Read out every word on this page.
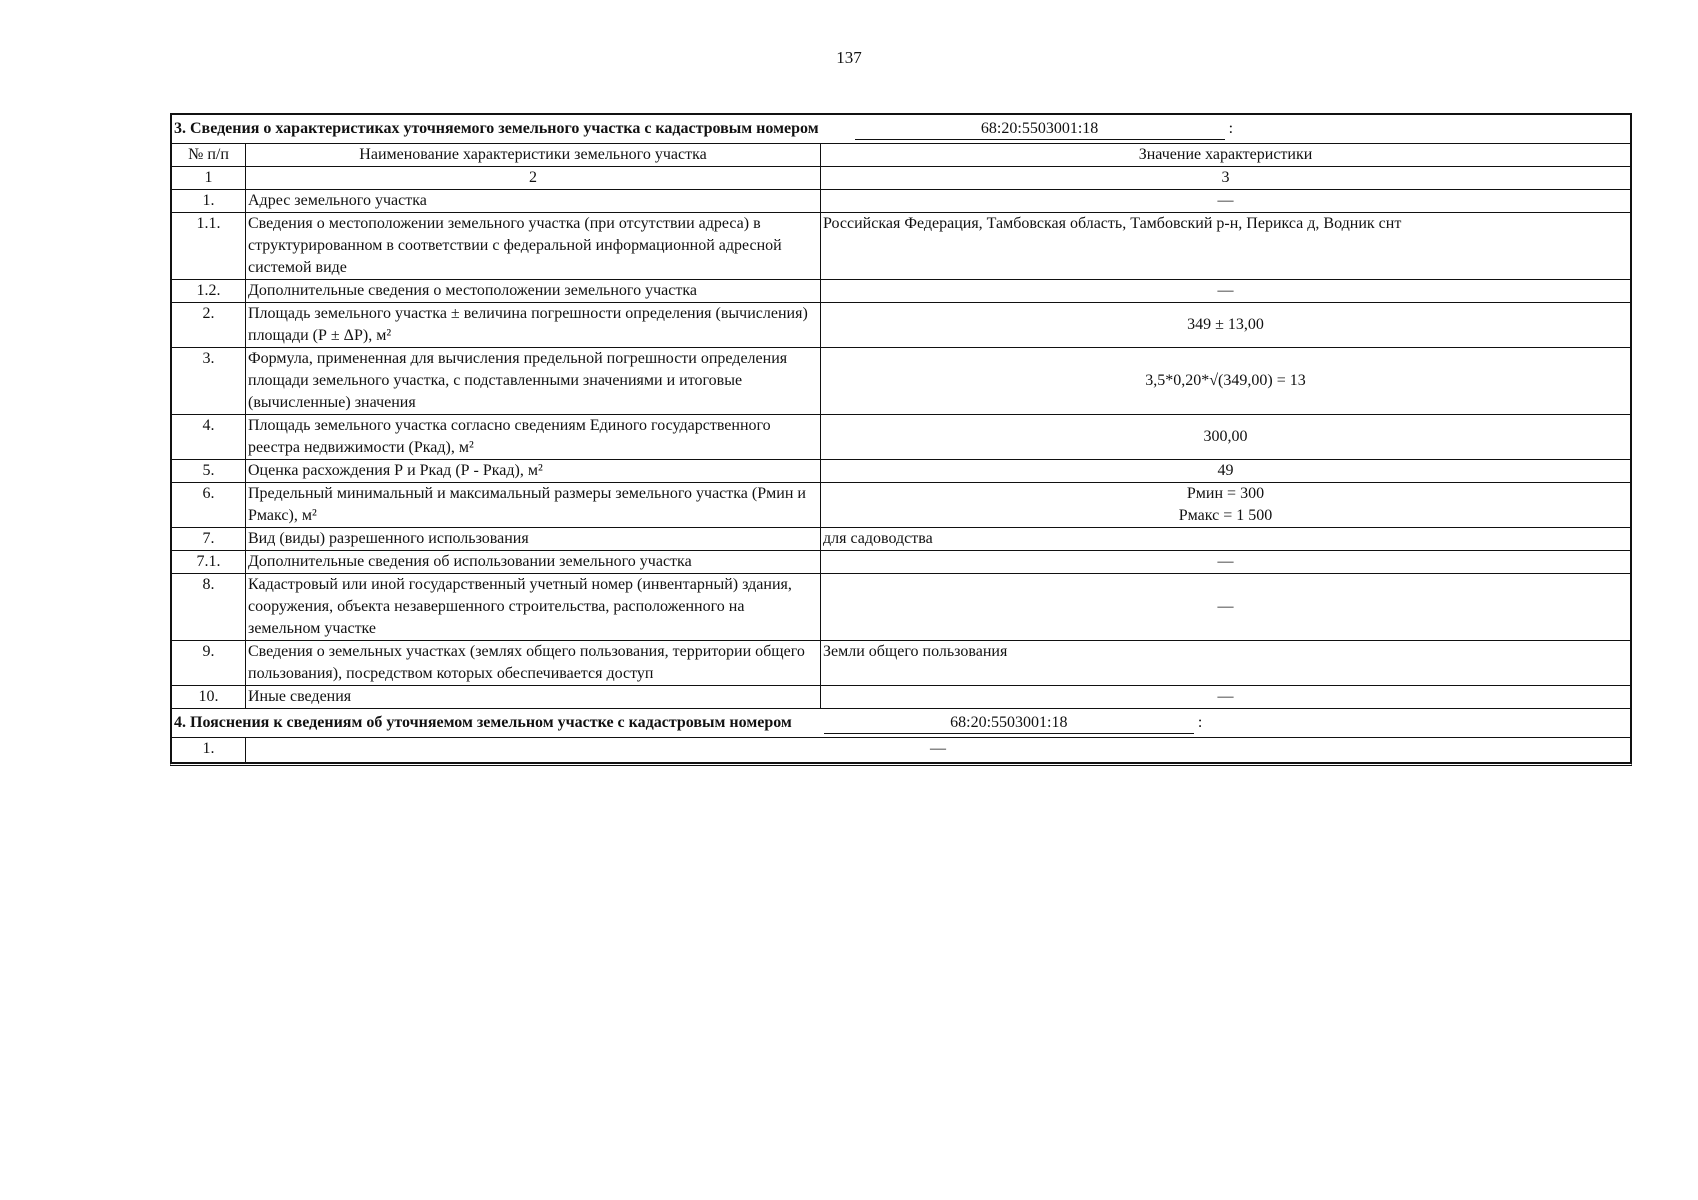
137
3. Сведения о характеристиках уточняемого земельного участка с кадастровым номером 68:20:5503001:18 :		
№ п/п	Наименование характеристики земельного участка	Значение характеристики
1	2	3
1.	Адрес земельного участка	—
1.1.	Сведения о местоположении земельного участка (при отсутствии адреса) в структурированном в соответствии с федеральной информационной адресной системой виде	Российская Федерация, Тамбовская область, Тамбовский р-н, Перикса д, Водник снт
1.2.	Дополнительные сведения о местоположении земельного участка	—
2.	Площадь земельного участка ± величина погрешности определения (вычисления) площади (Р ± ΔР), м²	349 ± 13,00
3.	Формула, примененная для вычисления предельной погрешности определения площади земельного участка, с подставленными значениями и итоговые (вычисленные) значения	3,5*0,20*√(349,00) = 13
4.	Площадь земельного участка согласно сведениям Единого государственного реестра недвижимости (Ркад), м²	300,00
5.	Оценка расхождения Р и Ркад (Р - Ркад), м²	49
6.	Предельный минимальный и максимальный размеры земельного участка (Рмин и Рмакс), м²	Рмин = 300
Рмакс = 1 500

7.	Вид (виды) разрешенного использования	для садоводства
7.1.	Дополнительные сведения об использовании земельного участка	—
8.	Кадастровый или иной государственный учетный номер (инвентарный) здания, сооружения, объекта незавершенного строительства, расположенного на земельном участке	—
9.	Сведения о земельных участках (землях общего пользования, территории общего пользования), посредством которых обеспечивается доступ	Земли общего пользования
10.	Иные сведения	—
4. Пояснения к сведениям об уточняемом земельном участке с кадастровым номером 68:20:5503001:18 :		
1.	—	
